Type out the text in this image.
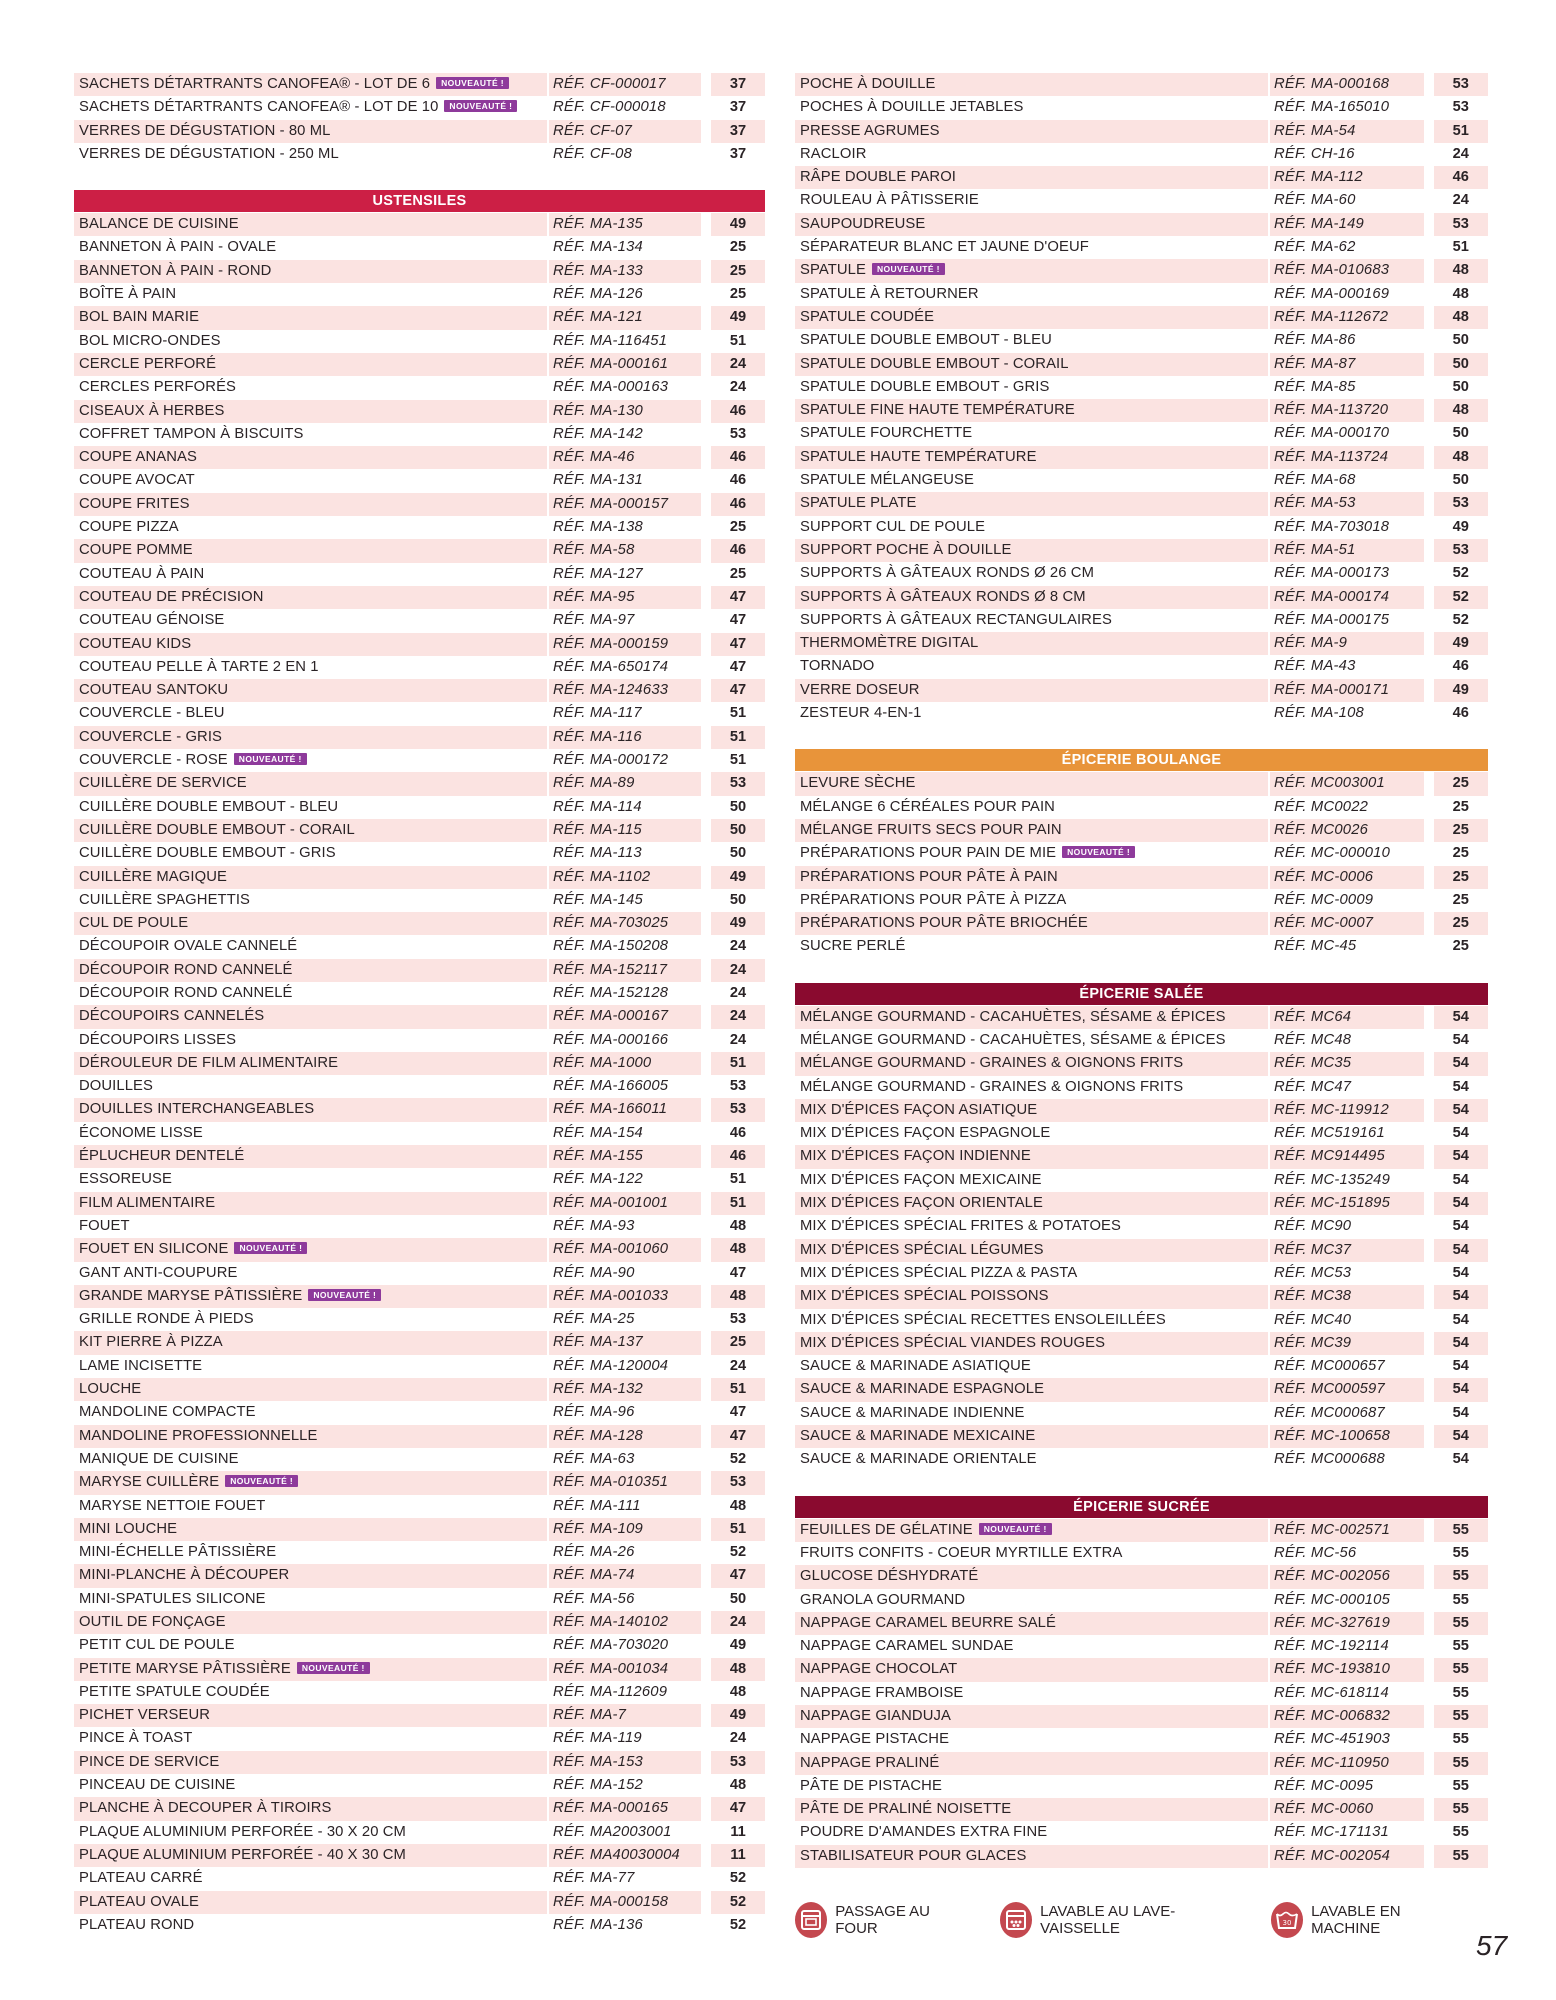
SACHETS DÉTARTRANTS CANOFEA® - LOT DE 6 NOUVEAUTÉ !	RÉF. CF-000017	37
SACHETS DÉTARTRANTS CANOFEA® - LOT DE 10 NOUVEAUTÉ !	RÉF. CF-000018	37
VERRES DE DÉGUSTATION - 80 ML	RÉF. CF-07	37
VERRES DE DÉGUSTATION - 250 ML	RÉF. CF-08	37
USTENSILES
BALANCE DE CUISINE	RÉF. MA-135	49
BANNETON À PAIN - OVALE	RÉF. MA-134	25
BANNETON À PAIN - ROND	RÉF. MA-133	25
BOÎTE À PAIN	RÉF. MA-126	25
BOL BAIN MARIE	RÉF. MA-121	49
BOL MICRO-ONDES	RÉF. MA-116451	51
CERCLE PERFORÉ	RÉF. MA-000161	24
CERCLES PERFORÉS	RÉF. MA-000163	24
CISEAUX À HERBES	RÉF. MA-130	46
COFFRET TAMPON À BISCUITS	RÉF. MA-142	53
COUPE ANANAS	RÉF. MA-46	46
COUPE AVOCAT	RÉF. MA-131	46
COUPE FRITES	RÉF. MA-000157	46
COUPE PIZZA	RÉF. MA-138	25
COUPE POMME	RÉF. MA-58	46
COUTEAU À PAIN	RÉF. MA-127	25
COUTEAU DE PRÉCISION	RÉF. MA-95	47
COUTEAU GÉNOISE	RÉF. MA-97	47
COUTEAU KIDS	RÉF. MA-000159	47
COUTEAU PELLE À TARTE 2 EN 1	RÉF. MA-650174	47
COUTEAU SANTOKU	RÉF. MA-124633	47
COUVERCLE - BLEU	RÉF. MA-117	51
COUVERCLE - GRIS	RÉF. MA-116	51
COUVERCLE - ROSE NOUVEAUTÉ !	RÉF. MA-000172	51
CUILLÈRE DE SERVICE	RÉF. MA-89	53
CUILLÈRE DOUBLE EMBOUT - BLEU	RÉF. MA-114	50
CUILLÈRE DOUBLE EMBOUT - CORAIL	RÉF. MA-115	50
CUILLÈRE DOUBLE EMBOUT - GRIS	RÉF. MA-113	50
CUILLÈRE MAGIQUE	RÉF. MA-1102	49
CUILLÈRE SPAGHETTIS	RÉF. MA-145	50
CUL DE POULE	RÉF. MA-703025	49
DÉCOUPOIR OVALE CANNELÉ	RÉF. MA-150208	24
DÉCOUPOIR ROND CANNELÉ	RÉF. MA-152117	24
DÉCOUPOIR ROND CANNELÉ	RÉF. MA-152128	24
DÉCOUPOIRS CANNELÉS	RÉF. MA-000167	24
DÉCOUPOIRS LISSES	RÉF. MA-000166	24
DÉROULEUR DE FILM ALIMENTAIRE	RÉF. MA-1000	51
DOUILLES	RÉF. MA-166005	53
DOUILLES INTERCHANGEABLES	RÉF. MA-166011	53
ÉCONOME LISSE	RÉF. MA-154	46
ÉPLUCHEUR DENTELÉ	RÉF. MA-155	46
ESSOREUSE	RÉF. MA-122	51
FILM ALIMENTAIRE	RÉF. MA-001001	51
FOUET	RÉF. MA-93	48
FOUET EN SILICONE NOUVEAUTÉ !	RÉF. MA-001060	48
GANT ANTI-COUPURE	RÉF. MA-90	47
GRANDE MARYSE PÂTISSIÈRE NOUVEAUTÉ !	RÉF. MA-001033	48
GRILLE RONDE À PIEDS	RÉF. MA-25	53
KIT PIERRE À PIZZA	RÉF. MA-137	25
LAME INCISETTE	RÉF. MA-120004	24
LOUCHE	RÉF. MA-132	51
MANDOLINE COMPACTE	RÉF. MA-96	47
MANDOLINE PROFESSIONNELLE	RÉF. MA-128	47
MANIQUE DE CUISINE	RÉF. MA-63	52
MARYSE CUILLÈRE NOUVEAUTÉ !	RÉF. MA-010351	53
MARYSE NETTOIE FOUET	RÉF. MA-111	48
MINI LOUCHE	RÉF. MA-109	51
MINI-ÉCHELLE PÂTISSIÈRE	RÉF. MA-26	52
MINI-PLANCHE À DÉCOUPER	RÉF. MA-74	47
MINI-SPATULES SILICONE	RÉF. MA-56	50
OUTIL DE FONÇAGE	RÉF. MA-140102	24
PETIT CUL DE POULE	RÉF. MA-703020	49
PETITE MARYSE PÂTISSIÈRE NOUVEAUTÉ !	RÉF. MA-001034	48
PETITE SPATULE COUDÉE	RÉF. MA-112609	48
PICHET VERSEUR	RÉF. MA-7	49
PINCE À TOAST	RÉF. MA-119	24
PINCE DE SERVICE	RÉF. MA-153	53
PINCEAU DE CUISINE	RÉF. MA-152	48
PLANCHE À DECOUPER À TIROIRS	RÉF. MA-000165	47
PLAQUE ALUMINIUM PERFORÉE - 30 X 20 CM	RÉF. MA2003001	11
PLAQUE ALUMINIUM PERFORÉE - 40 X 30 CM	RÉF. MA40030004	11
PLATEAU CARRÉ	RÉF. MA-77	52
PLATEAU OVALE	RÉF. MA-000158	52
PLATEAU ROND	RÉF. MA-136	52
POCHE À DOUILLE	RÉF. MA-000168	53
POCHES À DOUILLE JETABLES	RÉF. MA-165010	53
PRESSE AGRUMES	RÉF. MA-54	51
RACLOIR	RÉF. CH-16	24
RÂPE DOUBLE PAROI	RÉF. MA-112	46
ROULEAU À PÂTISSERIE	RÉF. MA-60	24
SAUPOUDREUSE	RÉF. MA-149	53
SÉPARATEUR BLANC ET JAUNE D'OEUF	RÉF. MA-62	51
SPATULE NOUVEAUTÉ !	RÉF. MA-010683	48
SPATULE À RETOURNER	RÉF. MA-000169	48
SPATULE COUDÉE	RÉF. MA-112672	48
SPATULE DOUBLE EMBOUT - BLEU	RÉF. MA-86	50
SPATULE DOUBLE EMBOUT - CORAIL	RÉF. MA-87	50
SPATULE DOUBLE EMBOUT - GRIS	RÉF. MA-85	50
SPATULE FINE HAUTE TEMPÉRATURE	RÉF. MA-113720	48
SPATULE FOURCHETTE	RÉF. MA-000170	50
SPATULE HAUTE TEMPÉRATURE	RÉF. MA-113724	48
SPATULE MÉLANGEUSE	RÉF. MA-68	50
SPATULE PLATE	RÉF. MA-53	53
SUPPORT CUL DE POULE	RÉF. MA-703018	49
SUPPORT POCHE À DOUILLE	RÉF. MA-51	53
SUPPORTS À GÂTEAUX RONDS Ø 26 CM	RÉF. MA-000173	52
SUPPORTS À GÂTEAUX RONDS Ø 8 CM	RÉF. MA-000174	52
SUPPORTS À GÂTEAUX RECTANGULAIRES	RÉF. MA-000175	52
THERMOMÈTRE DIGITAL	RÉF. MA-9	49
TORNADO	RÉF. MA-43	46
VERRE DOSEUR	RÉF. MA-000171	49
ZESTEUR 4-EN-1	RÉF. MA-108	46
ÉPICERIE BOULANGE
LEVURE SÈCHE	RÉF. MC003001	25
MÉLANGE 6 CÉRÉALES POUR PAIN	RÉF. MC0022	25
MÉLANGE FRUITS SECS POUR PAIN	RÉF. MC0026	25
PRÉPARATIONS POUR PAIN DE MIE NOUVEAUTÉ !	RÉF. MC-000010	25
PRÉPARATIONS POUR PÂTE À PAIN	RÉF. MC-0006	25
PRÉPARATIONS POUR PÂTE À PIZZA	RÉF. MC-0009	25
PRÉPARATIONS POUR PÂTE BRIOCHÉE	RÉF. MC-0007	25
SUCRE PERLÉ	RÉF. MC-45	25
ÉPICERIE SALÉE
MÉLANGE GOURMAND - CACAHUÈTES, SÉSAME & ÉPICES	RÉF. MC64	54
MÉLANGE GOURMAND - CACAHUÈTES, SÉSAME & ÉPICES	RÉF. MC48	54
MÉLANGE GOURMAND - GRAINES & OIGNONS FRITS	RÉF. MC35	54
MÉLANGE GOURMAND - GRAINES & OIGNONS FRITS	RÉF. MC47	54
MIX D'ÉPICES FAÇON ASIATIQUE	RÉF. MC-119912	54
MIX D'ÉPICES FAÇON ESPAGNOLE	RÉF. MC519161	54
MIX D'ÉPICES FAÇON INDIENNE	RÉF. MC914495	54
MIX D'ÉPICES FAÇON MEXICAINE	RÉF. MC-135249	54
MIX D'ÉPICES FAÇON ORIENTALE	RÉF. MC-151895	54
MIX D'ÉPICES SPÉCIAL FRITES & POTATOES	RÉF. MC90	54
MIX D'ÉPICES SPÉCIAL LÉGUMES	RÉF. MC37	54
MIX D'ÉPICES SPÉCIAL PIZZA & PASTA	RÉF. MC53	54
MIX D'ÉPICES SPÉCIAL POISSONS	RÉF. MC38	54
MIX D'ÉPICES SPÉCIAL RECETTES ENSOLEILLÉES	RÉF. MC40	54
MIX D'ÉPICES SPÉCIAL VIANDES ROUGES	RÉF. MC39	54
SAUCE & MARINADE ASIATIQUE	RÉF. MC000657	54
SAUCE & MARINADE ESPAGNOLE	RÉF. MC000597	54
SAUCE & MARINADE INDIENNE	RÉF. MC000687	54
SAUCE & MARINADE MEXICAINE	RÉF. MC-100658	54
SAUCE & MARINADE ORIENTALE	RÉF. MC000688	54
ÉPICERIE SUCRÉE
FEUILLES DE GÉLATINE NOUVEAUTÉ !	RÉF. MC-002571	55
FRUITS CONFITS - COEUR MYRTILLE EXTRA	RÉF. MC-56	55
GLUCOSE DÉSHYDRATÉ	RÉF. MC-002056	55
GRANOLA GOURMAND	RÉF. MC-000105	55
NAPPAGE CARAMEL BEURRE SALÉ	RÉF. MC-327619	55
NAPPAGE CARAMEL SUNDAE	RÉF. MC-192114	55
NAPPAGE CHOCOLAT	RÉF. MC-193810	55
NAPPAGE FRAMBOISE	RÉF. MC-618114	55
NAPPAGE GIANDUJA	RÉF. MC-006832	55
NAPPAGE PISTACHE	RÉF. MC-451903	55
NAPPAGE PRALINÉ	RÉF. MC-110950	55
PÂTE DE PISTACHE	RÉF. MC-0095	55
PÂTE DE PRALINÉ NOISETTE	RÉF. MC-0060	55
POUDRE D'AMANDES EXTRA FINE	RÉF. MC-171131	55
STABILISATEUR POUR GLACES	RÉF. MC-002054	55
PASSAGE AU FOUR
LAVABLE AU LAVE-VAISSELLE	30
LAVABLE EN MACHINE
57
